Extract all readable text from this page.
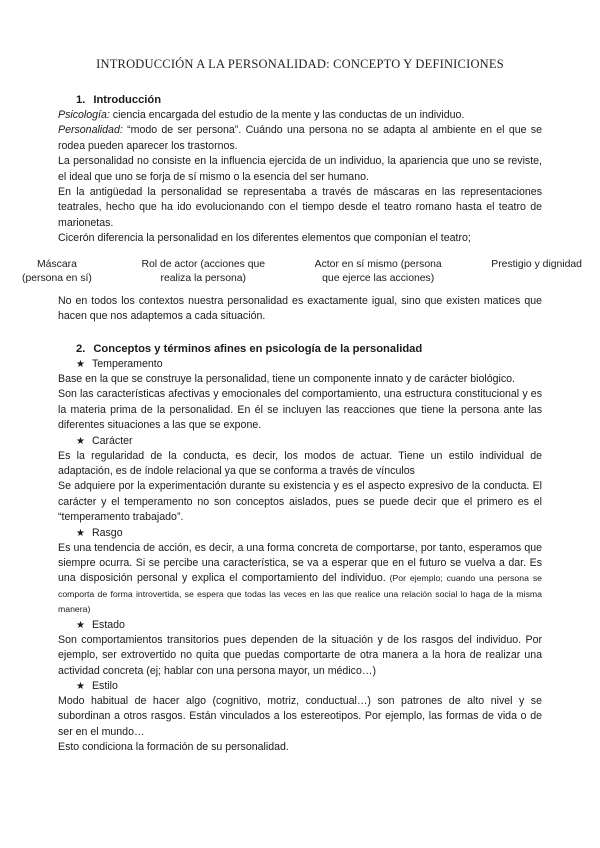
INTRODUCCIÓN A LA PERSONALIDAD: CONCEPTO Y DEFINICIONES
1. Introducción

Psicología: ciencia encargada del estudio de la mente y las conductas de un individuo.

Personalidad: “modo de ser persona”. Cuándo una persona no se adapta al ambiente en el que se rodea pueden aparecer los trastornos.

La personalidad no consiste en la influencia ejercida de un individuo, la apariencia que uno se reviste, el ideal que uno se forja de sí mismo o la esencia del ser humano.

En la antigüedad la personalidad se representaba a través de máscaras en las representaciones teatrales, hecho que ha ido evolucionando con el tiempo desde el teatro romano hasta el teatro de marionetas.

Cicerón diferencia la personalidad en los diferentes elementos que componían el teatro;

Máscara
(persona en sí)
Rol de actor (acciones que
realiza la persona)
Actor en sí mismo (persona
que ejerce las acciones)
Prestigio y dignidad

No en todos los contextos nuestra personalidad es exactamente igual, sino que existen matices que hacen que nos adaptemos a cada situación.

2. Conceptos y términos afines en psicología de la personalidad
★ Temperamento

Base en la que se construye la personalidad, tiene un componente innato y de carácter biológico.

Son las características afectivas y emocionales del comportamiento, una estructura constitucional y es la materia prima de la personalidad. En él se incluyen las reacciones que tiene la persona ante las diferentes situaciones a las que se expone.

★ Carácter

Es la regularidad de la conducta, es decir, los modos de actuar. Tiene un estilo individual de adaptación, es de índole relacional ya que se conforma a través de vínculos

Se adquiere por la experimentación durante su existencia y es el aspecto expresivo de la conducta. El carácter y el temperamento no son conceptos aislados, pues se puede decir que el primero es el “temperamento trabajado”.

★ Rasgo

Es una tendencia de acción, es decir, a una forma concreta de comportarse, por tanto, esperamos que siempre ocurra. Si se percibe una característica, se va a esperar que en el futuro se vuelva a dar. Es una disposición personal y explica el comportamiento del individuo. (Por ejemplo; cuando una persona se comporta de forma introvertida, se espera que todas las veces en las que realice una relación social lo haga de la misma manera)

★ Estado

Son comportamientos transitorios pues dependen de la situación y de los rasgos del individuo. Por ejemplo, ser extrovertido no quita que puedas comportarte de otra manera a la hora de realizar una actividad concreta (ej; hablar con una persona mayor, un médico…)

★ Estilo

Modo habitual de hacer algo (cognitivo, motriz, conductual…) son patrones de alto nivel y se subordinan a otros rasgos. Están vinculados a los estereotipos. Por ejemplo, las formas de vida o de ser en el mundo…

Esto condiciona la formación de su personalidad.
